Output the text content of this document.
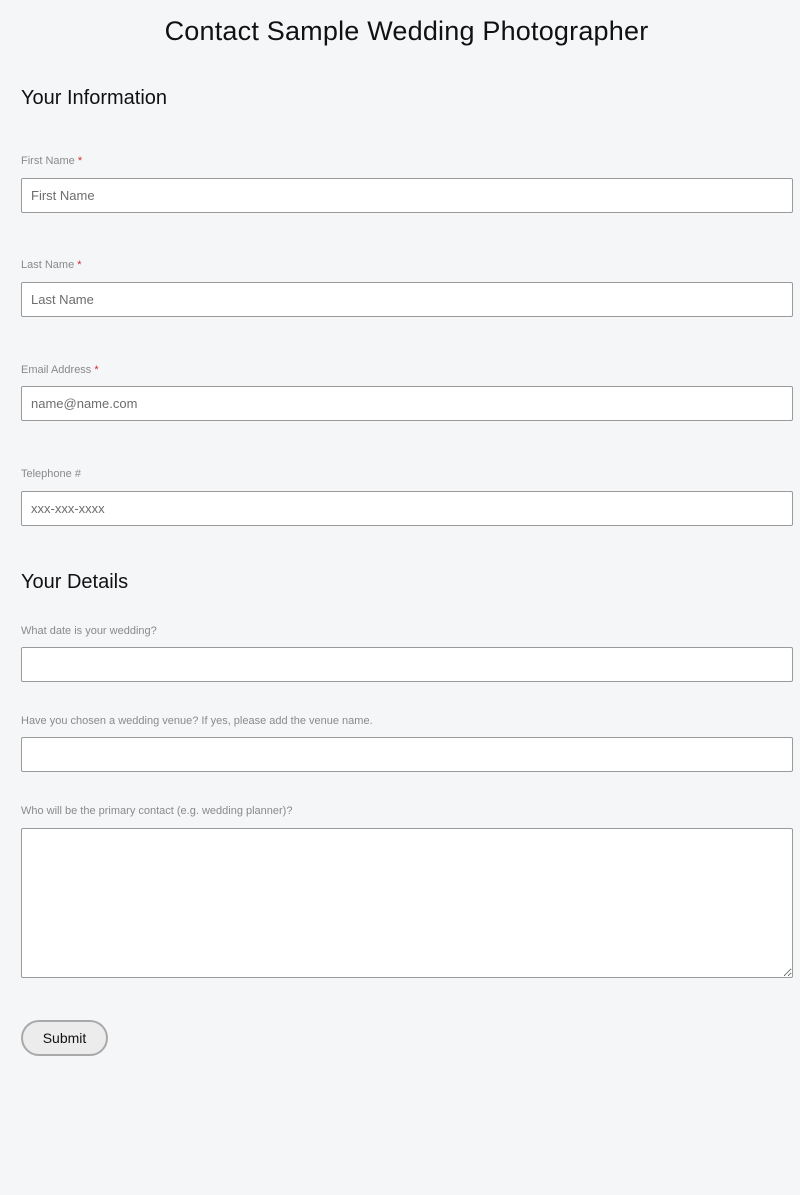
Contact Sample Wedding Photographer
Your Information
First Name *
First Name
Last Name *
Last Name
Email Address *
name@name.com
Telephone #
xxx-xxx-xxxx
Your Details
What date is your wedding?
Have you chosen a wedding venue? If yes, please add the venue name.
Who will be the primary contact (e.g. wedding planner)?
Submit
